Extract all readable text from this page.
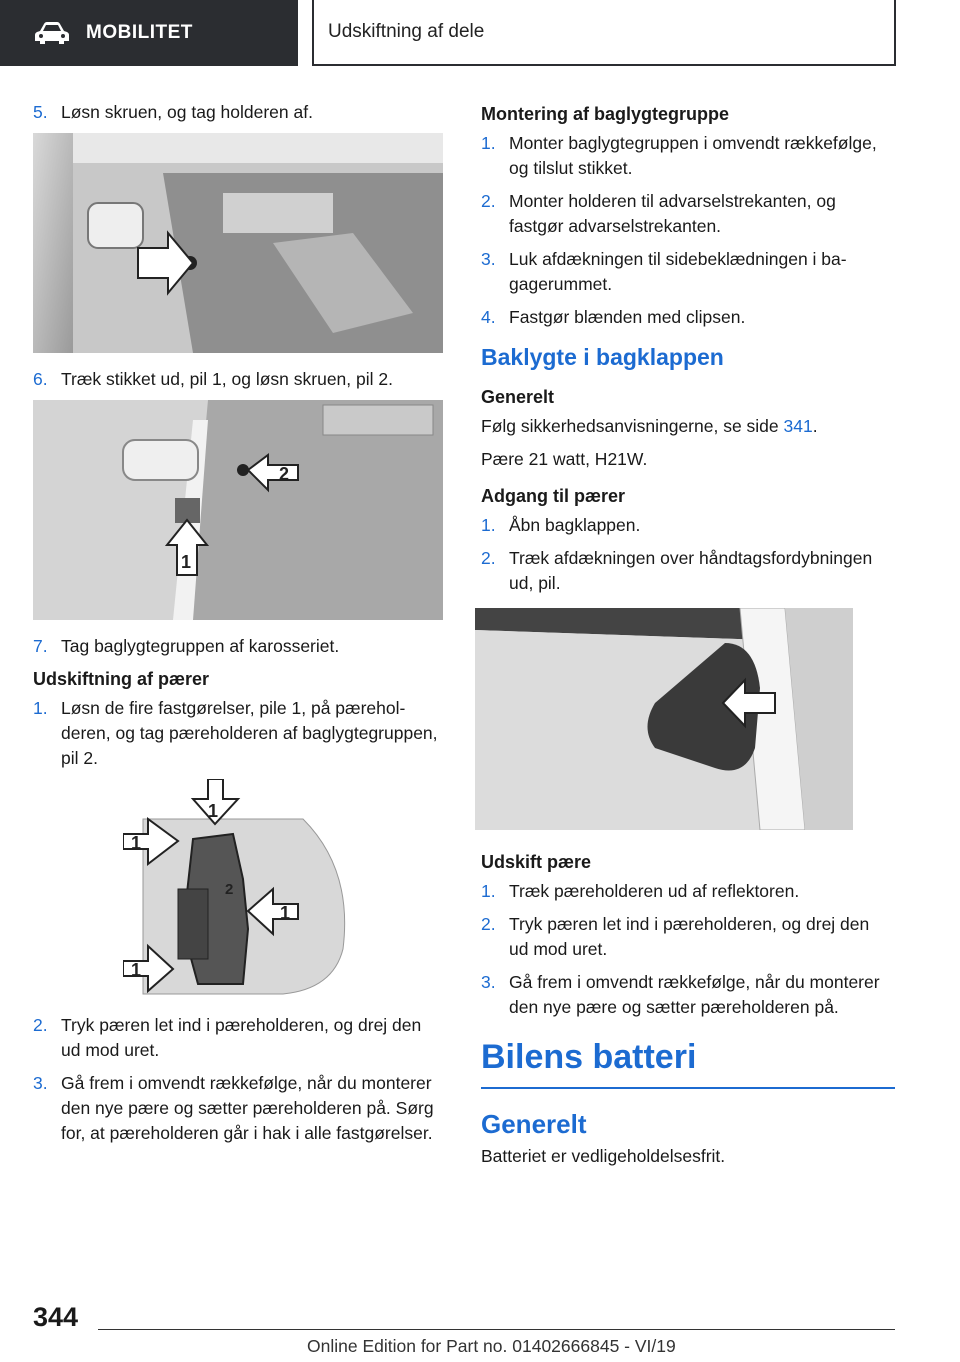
MOBILITET	Udskiftning af dele
5. Løsn skruen, og tag holderen af.
6. Træk stikket ud, pil 1, og løsn skruen, pil 2.
2
1
7. Tag baglygtegruppen af karosseriet.
Udskiftning af pærer
1. Løsn de fire fastgørelser, pile 1, på pæreholderen, og tag pæreholderen af baglygtegruppen, pil 2.
1
1
2
1
1
2. Tryk pæren let ind i pæreholderen, og drej den ud mod uret.
3. Gå frem i omvendt rækkefølge, når du monterer den nye pære og sætter pæreholderen på. Sørg for, at pæreholderen går i hak i alle fastgørelser.
Montering af baglygtegruppe
1. Monter baglygtegruppen i omvendt rækkefølge, og tilslut stikket.
2. Monter holderen til advarselstrekanten, og fastgør advarselstrekanten.
3. Luk afdækningen til sidebeklædningen i bagagerummet.
4. Fastgør blænden med clipsen.
Baklygte i bagklappen
Generelt
Følg sikkerhedsanvisningerne, se side 341.
Pære 21 watt, H21W.
Adgang til pærer
1. Åbn bagklappen.
2. Træk afdækningen over håndtagsfordybningen ud, pil.
Udskift pære
1. Træk pæreholderen ud af reflektoren.
2. Tryk pæren let ind i pæreholderen, og drej den ud mod uret.
3. Gå frem i omvendt rækkefølge, når du monterer den nye pære og sætter pæreholderen på.
Bilens batteri
Generelt
Batteriet er vedligeholdelsesfrit.
344
Online Edition for Part no. 01402666845 - VI/19
